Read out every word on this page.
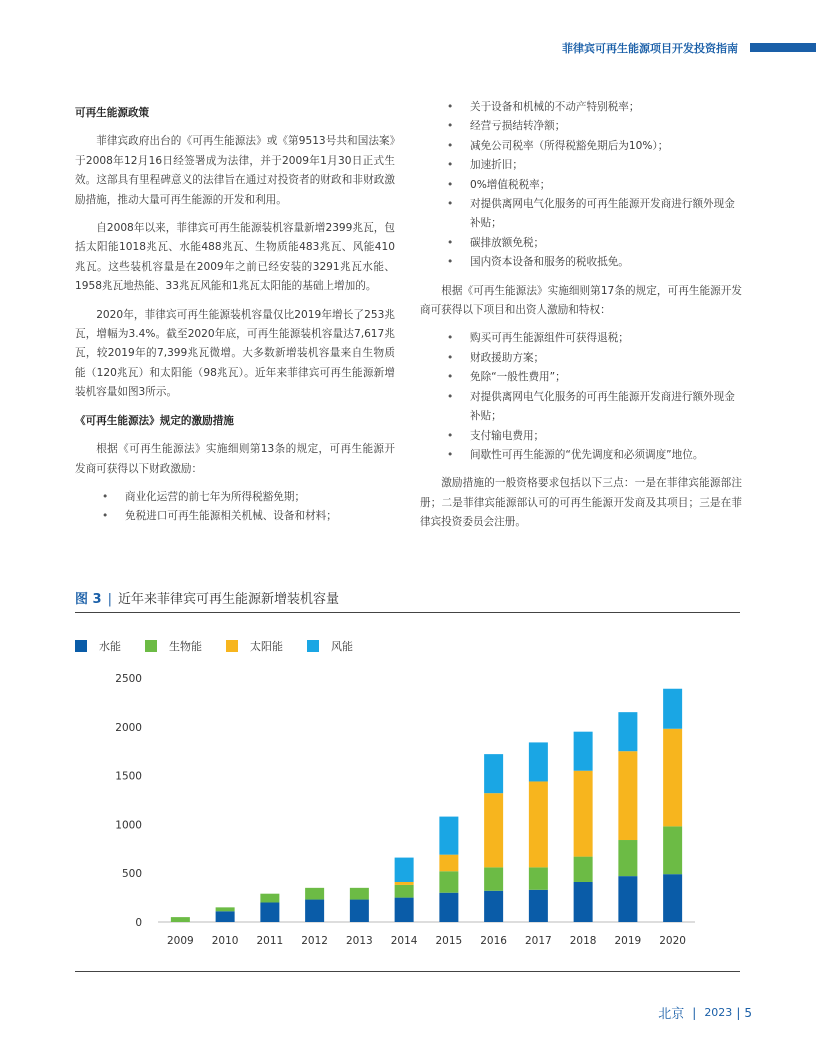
菲律宾可再生能源项目开发投资指南
可再生能源政策
菲律宾政府出台的《可再生能源法》或《第9513号共和国法案》于2008年12月16日经签署成为法律，并于2009年1月30日正式生效。这部具有里程碑意义的法律旨在通过对投资者的财政和非财政激励措施，推动大量可再生能源的开发和利用。
自2008年以来，菲律宾可再生能源装机容量新增2399兆瓦，包括太阳能1018兆瓦、水能488兆瓦、生物质能483兆瓦、风能410兆瓦。这些装机容量是在2009年之前已经安装的3291兆瓦水能、1958兆瓦地热能、33兆瓦风能和1兆瓦太阳能的基础上增加的。
2020年，菲律宾可再生能源装机容量仅比2019年增长了253兆瓦，增幅为3.4%。截至2020年底，可再生能源装机容量达7,617兆瓦，较2019年的7,399兆瓦微增。大多数新增装机容量来自生物质能（120兆瓦）和太阳能（98兆瓦）。近年来菲律宾可再生能源新增装机容量如图3所示。
《可再生能源法》规定的激励措施
根据《可再生能源法》实施细则第13条的规定，可再生能源开发商可获得以下财政激励：
• 商业化运营的前七年为所得税豁免期；
• 免税进口可再生能源相关机械、设备和材料；
• 关于设备和机械的不动产特别税率；
• 经营亏损结转净额；
• 减免公司税率（所得税豁免期后为10%）；
• 加速折旧；
• 0%增值税税率；
• 对提供离网电气化服务的可再生能源开发商进行额外现金补贴；
• 碳排放额免税；
• 国内资本设备和服务的税收抵免。
根据《可再生能源法》实施细则第17条的规定，可再生能源开发商可获得以下项目和出资人激励和特权：
• 购买可再生能源组件可获得退税；
• 财政援助方案；
• 免除“一般性费用”；
• 对提供离网电气化服务的可再生能源开发商进行额外现金补贴；
• 支付输电费用；
• 间歇性可再生能源的“优先调度和必须调度”地位。
激励措施的一般资格要求包括以下三点：一是在菲律宾能源部注册；二是菲律宾能源部认可的可再生能源开发商及其项目；三是在菲律宾投资委员会注册。
图 3 | 近年来菲律宾可再生能源新增装机容量
水能	生物能	太阳能	风能
0
500
1000
1500
2000
2500
2009 2010 2011 2012 2013 2014 2015 2016 2017 2018 2019 2020
北京 | 2023 | 5
